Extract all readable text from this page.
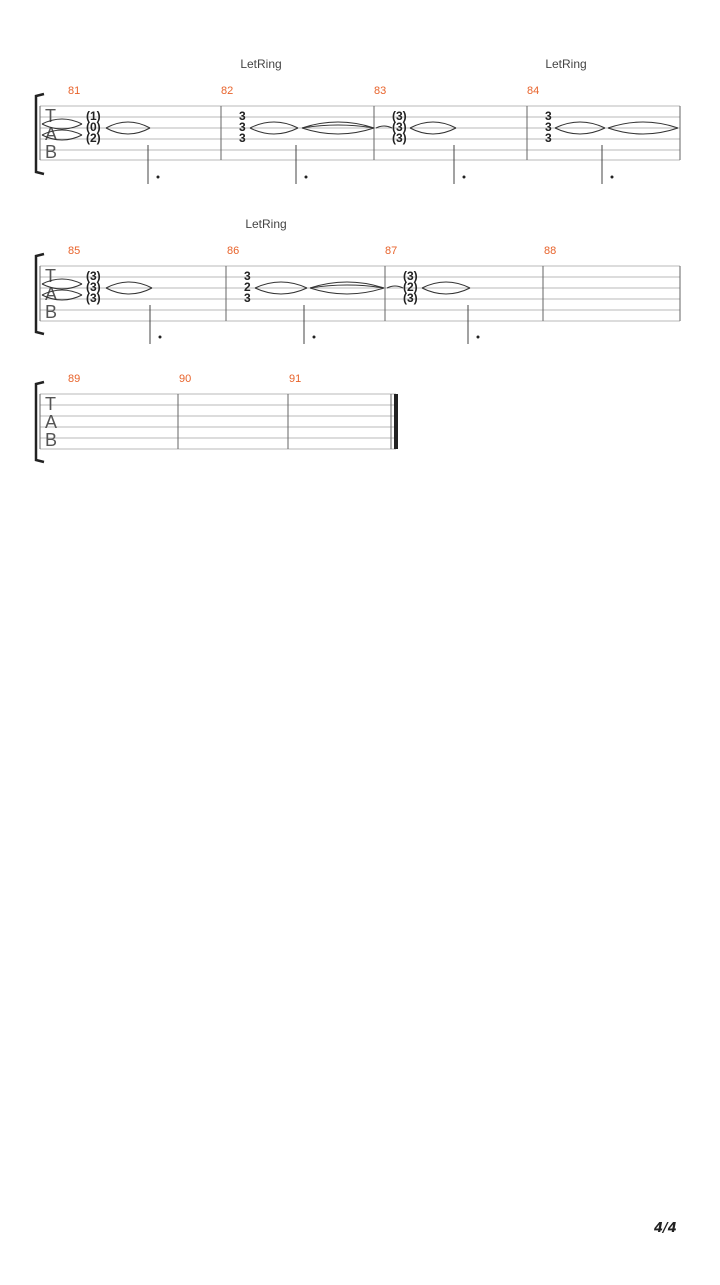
LetRing	LetRing
T
A
B
81	82	83	84
(1)
(0)
(2)
3
3
3
(3)
(3)
(3)
3
3
3
LetRing
T
A
B
85	86	87	88
(3)
(3)
(3)
3
2
3
(3)
(2)
(3)
T
A
B
89	90	91
4/4
